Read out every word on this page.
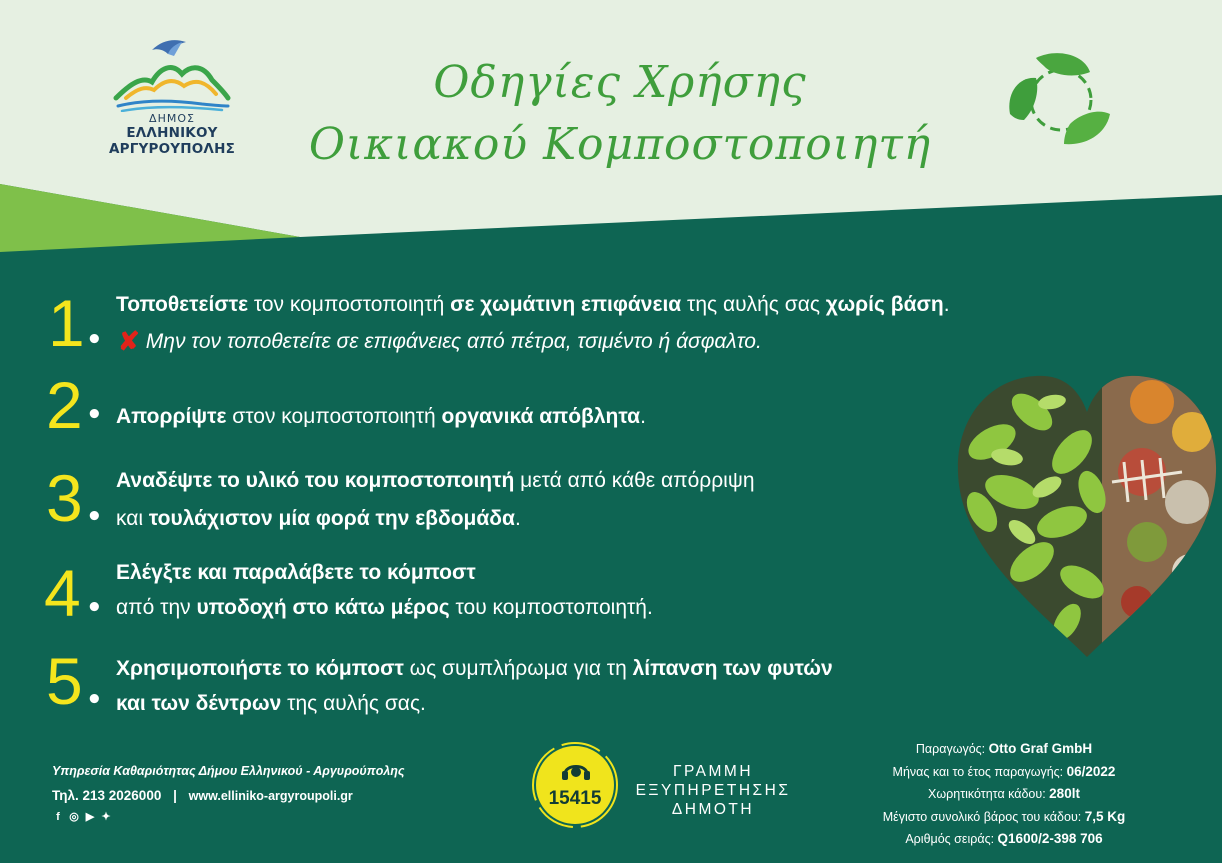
ΔΗΜΟΣ
ΕΛΛΗΝΙΚΟΥ
ΑΡΓΥΡΟΥΠΟΛΗΣ
Οδηγίες Χρήσης
Οικιακού Κομποστοποιητή
1 •
Τοποθετείστε τον κομποστοποιητή σε χωμάτινη επιφάνεια της αυλής σας χωρίς βάση.
✘ Μην τον τοποθετείτε σε επιφάνειες από πέτρα, τσιμέντο ή άσφαλτο.
2 • Απορρίψτε στον κομποστοποιητή οργανικά απόβλητα.
3 •
Αναδέψτε το υλικό του κομποστοποιητή μετά από κάθε απόρριψη
και τουλάχιστον μία φορά την εβδομάδα.
4 •
Ελέγξτε και παραλάβετε το κόμποστ
από την υποδοχή στο κάτω μέρος του κομποστοποιητή.
5 •
Χρησιμοποιήστε το κόμποστ ως συμπλήρωμα για τη λίπανση των φυτών
και των δέντρων της αυλής σας.
Υπηρεσία Καθαριότητας Δήμου Ελληνικού - Αργυρούπολης
Τηλ. 213 2026000 | www.elliniko-argyroupoli.gr
f ◎ ▶ ✦
15415
ΓΡΑΜΜΗ
ΕΞΥΠΗΡΕΤΗΣΗΣ
ΔΗΜΟΤΗ
Παραγωγός: Otto Graf GmbH
Μήνας και το έτος παραγωγής: 06/2022
Χωρητικότητα κάδου: 280lt
Μέγιστο συνολικό βάρος του κάδου: 7,5 Kg
Αριθμός σειράς: Q1600/2-398 706
